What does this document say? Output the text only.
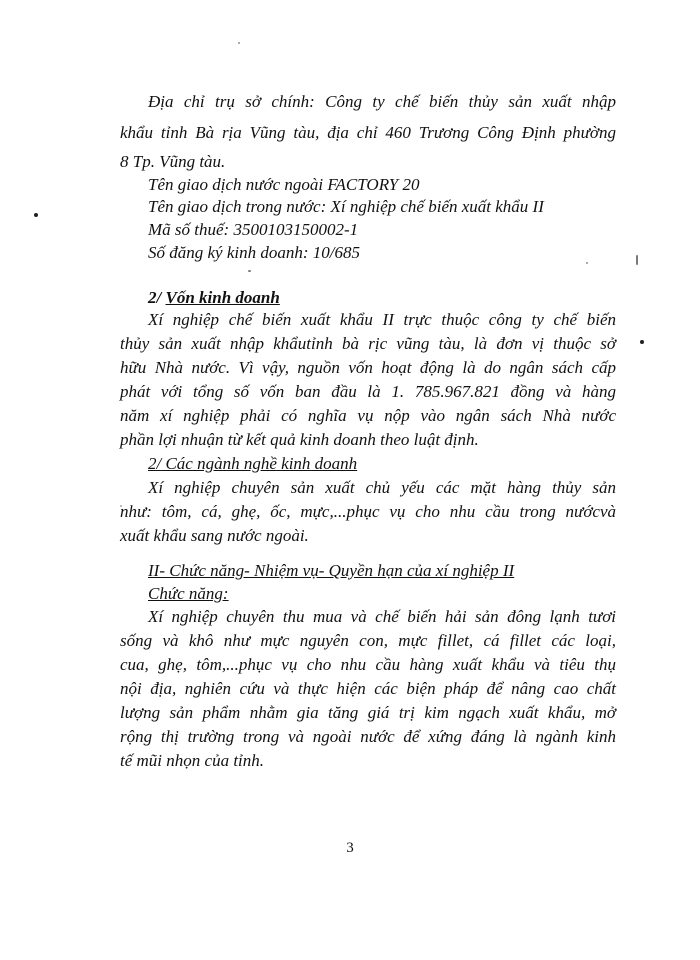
Địa chỉ trụ sở chính: Công ty chế biến thủy sản xuất nhập
khẩu tỉnh Bà rịa Vũng tàu, địa chỉ 460 Trương Công Định phường
8 Tp. Vũng tàu.
Tên giao dịch nước ngoài FACTORY 20
Tên giao dịch trong nước: Xí nghiệp chế biến xuất khẩu II
Mã số thuế: 3500103150002-1
Số đăng ký kinh doanh: 10/685
2/ Vốn kinh doanh
Xí nghiệp chế biến xuất khẩu II trực thuộc công ty chế biến
thủy sản xuất nhập khẩutỉnh bà rịc vũng tàu, là đơn vị thuộc sở
hữu Nhà nước. Vì vậy, nguồn vốn hoạt động là do ngân sách cấp
phát với tổng số vốn ban đầu là 1. 785.967.821 đồng và hàng
năm xí nghiệp phải có nghĩa vụ nộp vào ngân sách Nhà nước
phần lợi nhuận từ kết quả kinh doanh theo luật định.
2/ Các ngành nghề kinh doanh
Xí nghiệp chuyên sản xuất chủ yếu các mặt hàng thủy sản
như: tôm, cá, ghẹ, ốc, mực,...phục vụ cho nhu cầu trong nướcvà
xuất khẩu sang nước ngoài.
II- Chức năng- Nhiệm vụ- Quyền hạn của xí nghiệp II
Chức năng:
Xí nghiệp chuyên thu mua và chế biến hải sản đông lạnh tươi
sống và khô như mực nguyên con, mực fillet, cá fillet các loại,
cua, ghẹ, tôm,...phục vụ cho nhu cầu hàng xuất khẩu và tiêu thụ
nội địa, nghiên cứu và thực hiện các biện pháp để nâng cao chất
lượng sản phẩm nhằm gia tăng giá trị kim ngạch xuất khẩu, mở
rộng thị trường trong và ngoài nước để xứng đáng là ngành kinh
tế mũi nhọn của tỉnh.
3
